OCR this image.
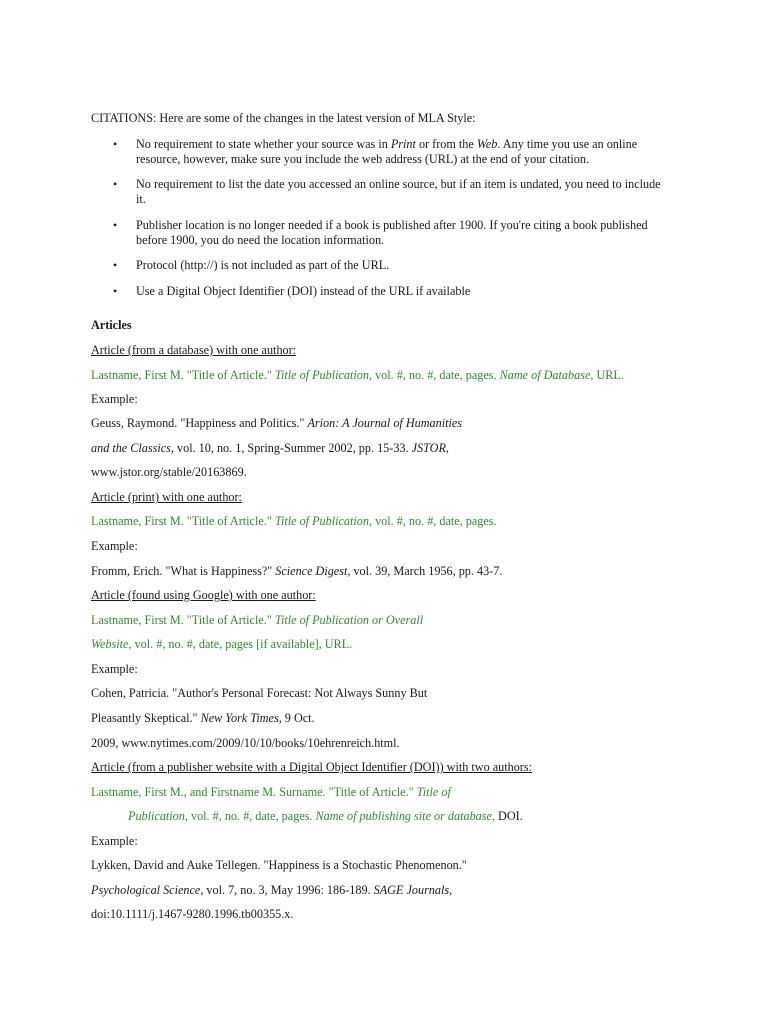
CITATIONS: Here are some of the changes in the latest version of MLA Style:
• No requirement to state whether your source was in Print or from the Web. Any time you use an online
resource, however, make sure you include the web address (URL) at the end of your citation.
• No requirement to list the date you accessed an online source, but if an item is undated, you need to include
it.
• Publisher location is no longer needed if a book is published after 1900. If you're citing a book published
before 1900, you do need the location information.
• Protocol (http://) is not included as part of the URL.
• Use a Digital Object Identifier (DOI) instead of the URL if available
Articles
Article (from a database) with one author:
Lastname, First M. "Title of Article." Title of Publication, vol. #, no. #, date, pages. Name of Database, URL.
Example:
Geuss, Raymond. "Happiness and Politics." Arion: A Journal of Humanities
and the Classics, vol. 10, no. 1, Spring-Summer 2002, pp. 15-33. JSTOR,
www.jstor.org/stable/20163869.
Article (print) with one author:
Lastname, First M. "Title of Article." Title of Publication, vol. #, no. #, date, pages.
Example:
Fromm, Erich. "What is Happiness?" Science Digest, vol. 39, March 1956, pp. 43-7.
Article (found using Google) with one author:
Lastname, First M. "Title of Article." Title of Publication or Overall
Website, vol. #, no. #, date, pages [if available], URL.
Example:
Cohen, Patricia. "Author's Personal Forecast: Not Always Sunny But
Pleasantly Skeptical." New York Times, 9 Oct.
2009, www.nytimes.com/2009/10/10/books/10ehrenreich.html.
Article (from a publisher website with a Digital Object Identifier (DOI)) with two authors:
Lastname, First M., and Firstname M. Surname. "Title of Article." Title of
Publication, vol. #, no. #, date, pages. Name of publishing site or database, DOI.
Example:
Lykken, David and Auke Tellegen. "Happiness is a Stochastic Phenomenon."
Psychological Science, vol. 7, no. 3, May 1996: 186-189. SAGE Journals,
doi:10.1111/j.1467-9280.1996.tb00355.x.
